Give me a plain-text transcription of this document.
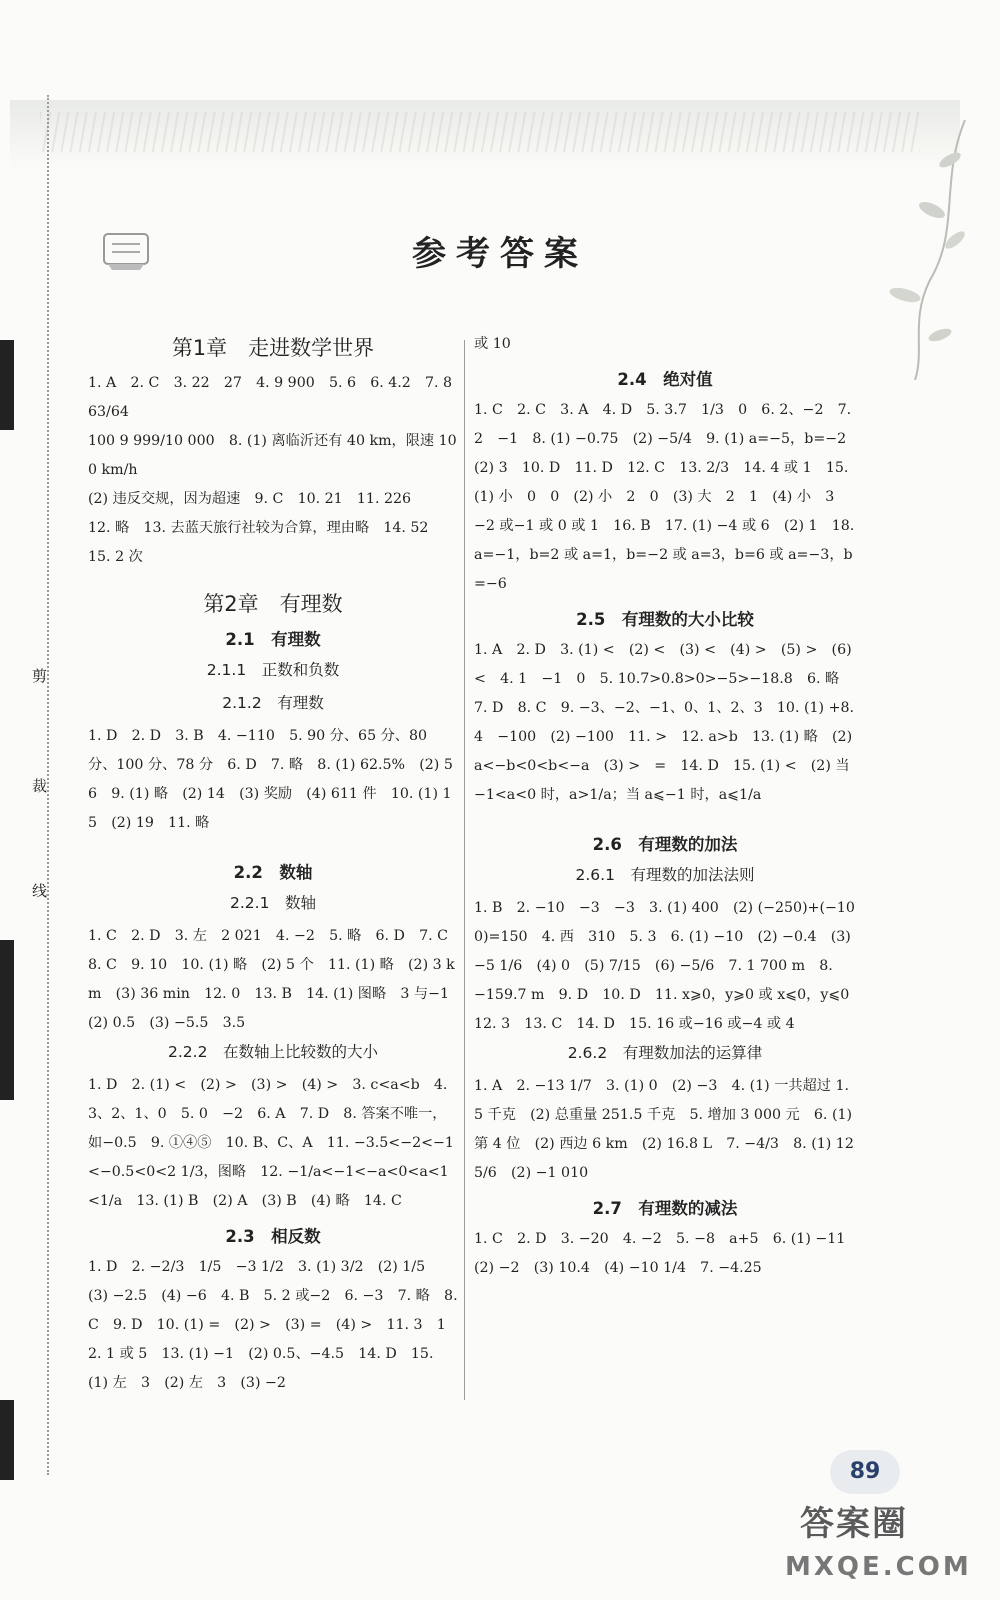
剪
裁
线
参考答案
第1章　走进数学世界
1. A　2. C　3. 22　27　4. 9 900　5. 6　6. 4.2　7. 8 63/64
100 9 999/10 000　8. (1) 离临沂还有 40 km，限速 100 km/h
(2) 违反交规，因为超速　9. C　10. 21　11. 226
12. 略　13. 去蓝天旅行社较为合算，理由略　14. 52
15. 2 次
第2章　有理数
2.1　有理数
2.1.1　正数和负数
2.1.2　有理数
1. D　2. D　3. B　4. −110　5. 90 分、65 分、80 分、100 分、78 分　6. D　7. 略　8. (1) 62.5%　(2) 56　9. (1) 略　(2) 14　(3) 奖励　(4) 611 件　10. (1) 15　(2) 19　11. 略
2.2　数轴
2.2.1　数轴
1. C　2. D　3. 左　2 021　4. −2　5. 略　6. D　7. C　8. C　9. 10　10. (1) 略　(2) 5 个　11. (1) 略　(2) 3 km　(3) 36 min　12. 0　13. B　14. (1) 图略　3 与−1　(2) 0.5　(3) −5.5　3.5
2.2.2　在数轴上比较数的大小
1. D　2. (1) <　(2) >　(3) >　(4) >　3. c<a<b　4. 3、2、1、0　5. 0　−2　6. A　7. D　8. 答案不唯一，如−0.5　9. ①④⑤　10. B、C、A　11. −3.5<−2<−1<−0.5<0<2 1/3，图略　12. −1/a<−1<−a<0<a<1<1/a　13. (1) B　(2) A　(3) B　(4) 略　14. C
2.3　相反数
1. D　2. −2/3　1/5　−3 1/2　3. (1) 3/2　(2) 1/5　(3) −2.5　(4) −6　4. B　5. 2 或−2　6. −3　7. 略　8. C　9. D　10. (1) =　(2) >　(3) =　(4) >　11. 3　12. 1 或 5　13. (1) −1　(2) 0.5、−4.5　14. D　15. (1) 左　3　(2) 左　3　(3) −2
或 10
2.4　绝对值
1. C　2. C　3. A　4. D　5. 3.7　1/3　0　6. 2、−2　7. 2　−1　8. (1) −0.75　(2) −5/4　9. (1) a=−5，b=−2　(2) 3　10. D　11. D　12. C　13. 2/3　14. 4 或 1　15. (1) 小　0　0　(2) 小　2　0　(3) 大　2　1　(4) 小　3　−2 或−1 或 0 或 1　16. B　17. (1) −4 或 6　(2) 1　18. a=−1，b=2 或 a=1，b=−2 或 a=3，b=6 或 a=−3，b=−6
2.5　有理数的大小比较
1. A　2. D　3. (1) <　(2) <　(3) <　(4) >　(5) >　(6) <　4. 1　−1　0　5. 10.7>0.8>0>−5>−18.8　6. 略　7. D　8. C　9. −3、−2、−1、0、1、2、3　10. (1) +8.4　−100　(2) −100　11. >　12. a>b　13. (1) 略　(2) a<−b<0<b<−a　(3) >　=　14. D　15. (1) <　(2) 当−1<a<0 时，a>1/a；当 a⩽−1 时，a⩽1/a
2.6　有理数的加法
2.6.1　有理数的加法法则
1. B　2. −10　−3　−3　3. (1) 400　(2) (−250)+(−100)=150　4. 西　310　5. 3　6. (1) −10　(2) −0.4　(3) −5 1/6　(4) 0　(5) 7/15　(6) −5/6　7. 1 700 m　8. −159.7 m　9. D　10. D　11. x⩾0，y⩾0 或 x⩽0，y⩽0　12. 3　13. C　14. D　15. 16 或−16 或−4 或 4
2.6.2　有理数加法的运算律
1. A　2. −13 1/7　3. (1) 0　(2) −3　4. (1) 一共超过 1.5 千克　(2) 总重量 251.5 千克　5. 增加 3 000 元　6. (1) 第 4 位　(2) 西边 6 km　(2) 16.8 L　7. −4/3　8. (1) 12 5/6　(2) −1 010
2.7　有理数的减法
1. C　2. D　3. −20　4. −2　5. −8　a+5　6. (1) −11　(2) −2　(3) 10.4　(4) −10 1/4　7. −4.25
89
答案圈
MXQE.COM
